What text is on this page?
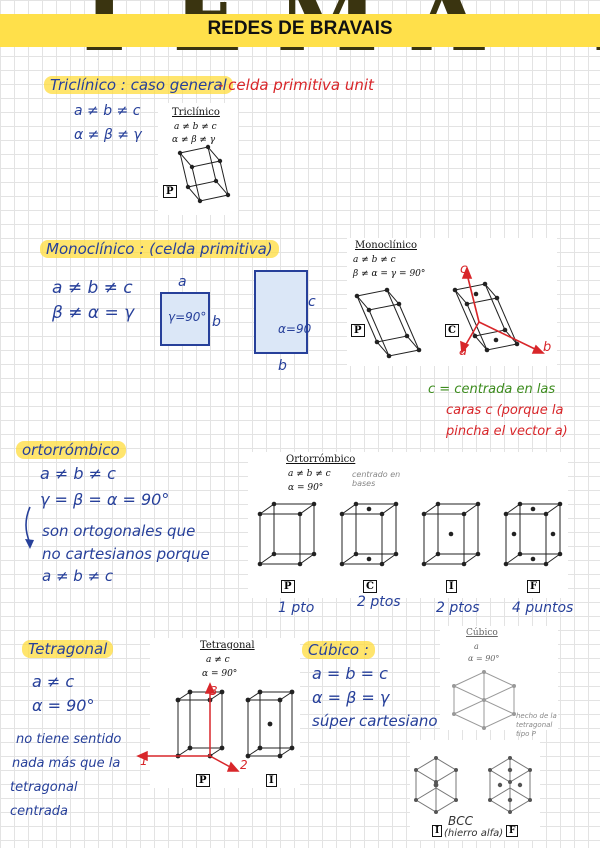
REDES DE BRAVAIS
Triclínico : caso general
- celda primitiva unit
a ≠ b ≠ c
α ≠ β ≠ γ
Triclínico
a ≠ b ≠ c
α ≠ β ≠ γ
P
Monoclínico : (celda primitiva)
a ≠ b ≠ c
β ≠ α = γ
a
γ=90° b
c
α=90
b
Monoclínico
a ≠ b ≠ c
β ≠ α = γ = 90°	c
a	b
P	C
c = centrada en las
caras c (porque la
pincha el vector a)
ortorrómbico
a ≠ b ≠ c
γ = β = α = 90°
son ortogonales que
no cartesianos porque
a ≠ b ≠ c
Ortorrómbico
a ≠ b ≠ c
α = 90°
centrado en bases
P	C	I	F
1 pto	2 ptos	2 ptos 4 puntos
Tetragonal
a ≠ c
α = 90°
no tiene sentido
nada más que la
tetragonal
centrada
Tetragonal
a ≠ c
α = 90°
1	2
3
P	I
Cúbico :
a = b = c
α = β = γ
súper cartesiano
Cúbico
a
α = 90°
hecho de la tetragonal tipo P
I	F
BCC
(hierro alfa)
